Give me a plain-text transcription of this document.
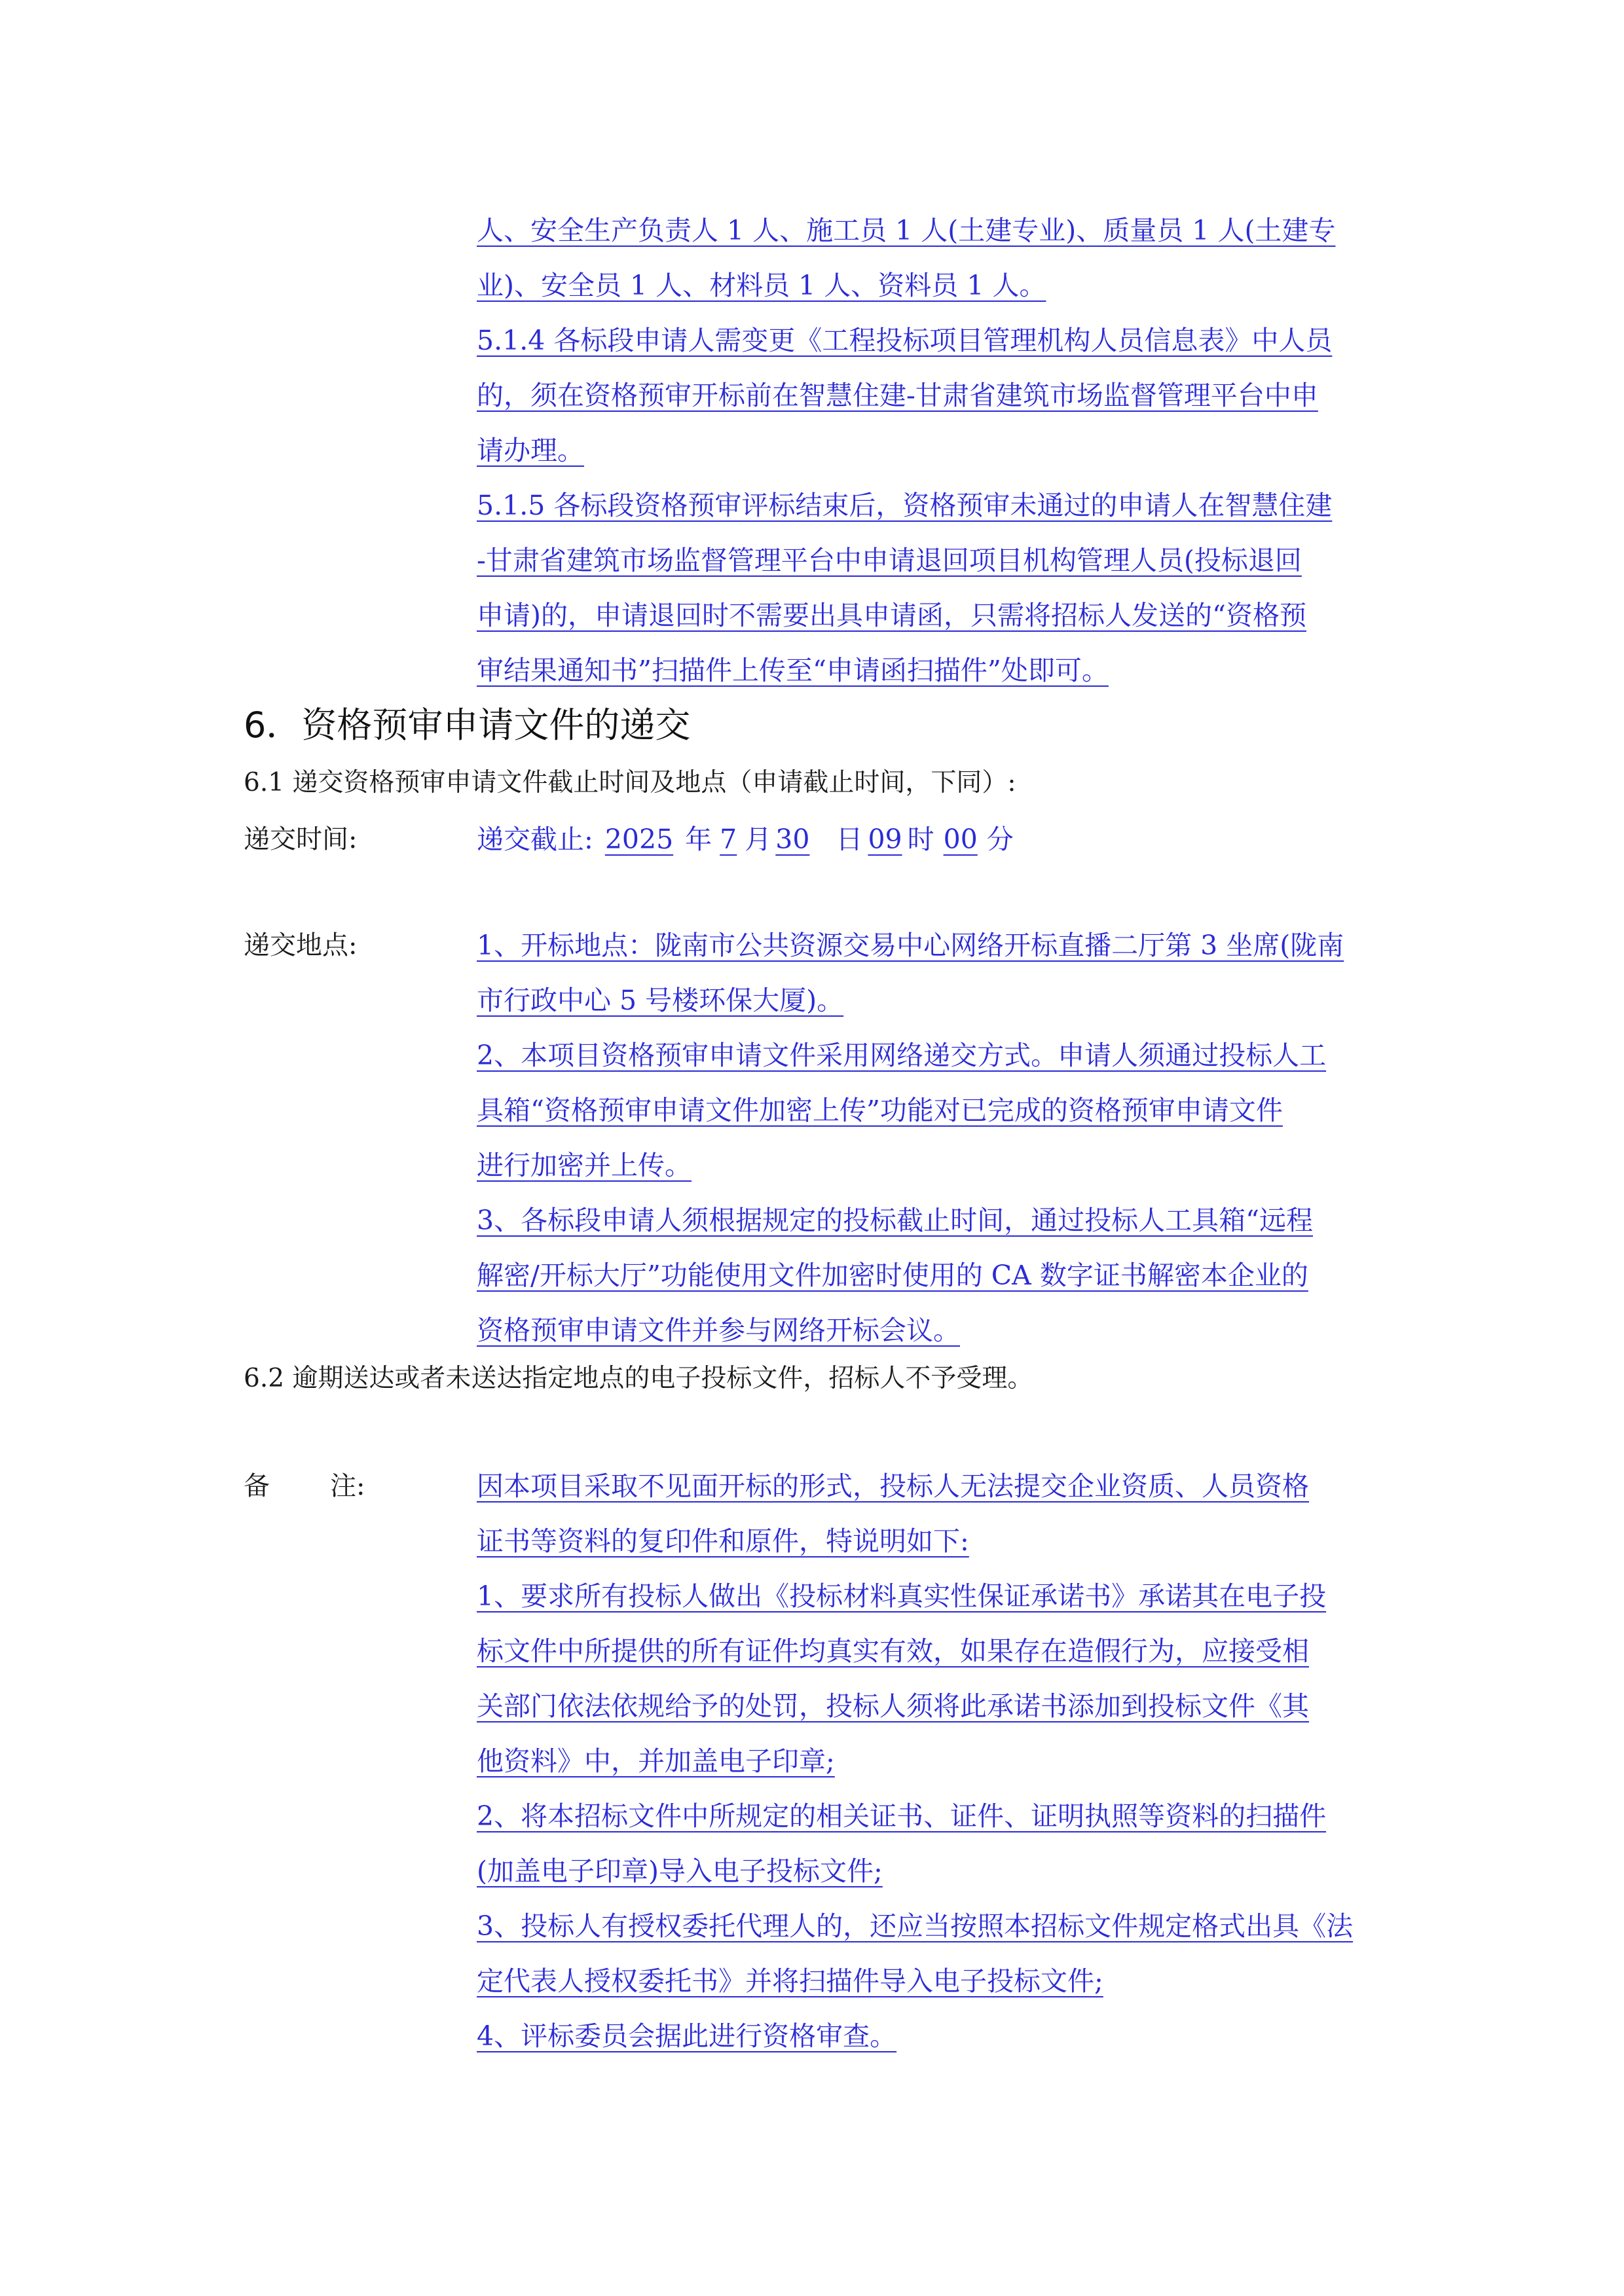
人、安全生产负责人 1 人、施工员 1 人(土建专业)、质量员 1 人(土建专
业)、安全员 1 人、材料员 1 人、资料员 1 人。
5.1.4 各标段申请人需变更《工程投标项目管理机构人员信息表》中人员
的，须在资格预审开标前在智慧住建-甘肃省建筑市场监督管理平台中申
请办理。
5.1.5 各标段资格预审评标结束后，资格预审未通过的申请人在智慧住建
-甘肃省建筑市场监督管理平台中申请退回项目机构管理人员(投标退回
申请)的，申请退回时不需要出具申请函，只需将招标人发送的“资格预
审结果通知书”扫描件上传至“申请函扫描件”处即可。
6．资格预审申请文件的递交
6.1 递交资格预审申请文件截止时间及地点（申请截止时间，下同）:
递交时间:	递交截止: 2025 年 7 月 30 日 09 时 00 分
递交地点:	1、开标地点：陇南市公共资源交易中心网络开标直播二厅第 3 坐席(陇南
市行政中心 5 号楼环保大厦)。
2、本项目资格预审申请文件采用网络递交方式。申请人须通过投标人工
具箱“资格预审申请文件加密上传”功能对已完成的资格预审申请文件
进行加密并上传。
3、各标段申请人须根据规定的投标截止时间，通过投标人工具箱“远程
解密/开标大厅”功能使用文件加密时使用的 CA 数字证书解密本企业的
资格预审申请文件并参与网络开标会议。
6.2 逾期送达或者未送达指定地点的电子投标文件，招标人不予受理。
备 注:	因本项目采取不见面开标的形式，投标人无法提交企业资质、人员资格
证书等资料的复印件和原件，特说明如下:
1、要求所有投标人做出《投标材料真实性保证承诺书》承诺其在电子投
标文件中所提供的所有证件均真实有效，如果存在造假行为，应接受相
关部门依法依规给予的处罚，投标人须将此承诺书添加到投标文件《其
他资料》中，并加盖电子印章;
2、将本招标文件中所规定的相关证书、证件、证明执照等资料的扫描件
(加盖电子印章)导入电子投标文件;
3、投标人有授权委托代理人的，还应当按照本招标文件规定格式出具《法
定代表人授权委托书》并将扫描件导入电子投标文件;
4、评标委员会据此进行资格审查。
